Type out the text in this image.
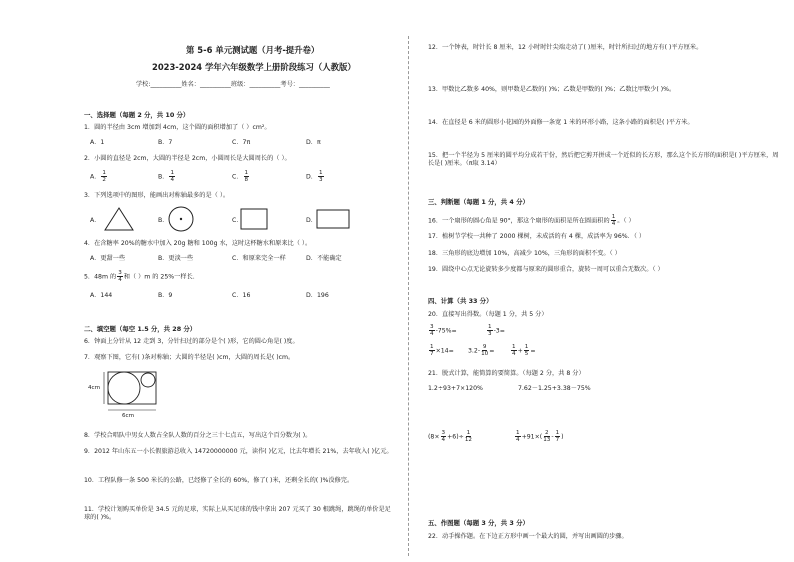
第 5-6 单元测试题（月考-提升卷）
2023-2024 学年六年级数学上册阶段练习（人教版）
学校:__________姓名：__________班级：__________考号：__________
一、选择题（每题 2 分，共 10 分）
1．圆的半径由 3cm 增加到 4cm，这个圆的面积增加了（ ）cm²。
A．1	B．7	C．7π	D．π
2．小圆的直径是 2cm，大圆的半径是 2cm，小圆周长是大圆周长的（ ）。
A． $\frac{1}{2}$	B． $\frac{1}{4}$	C． $\frac{1}{8}$	D． $\frac{1}{3}$
3．下列选项中的图形，能画出对称轴最多的是（ ）。
A．	B．	C．	D．
4．在含糖率 20%的糖水中加入 20g 糖和 100g 水，这时这杯糖水和原来比（ ）。
A．更甜一些	B．更淡一些	C．和原来完全一样	D．不能确定
5．48m 的 $\frac{3}{4}$ 和（ ）m 的 25%一样长．
A．144	B．9	C．16	D．196
二、填空题（每空 1.5 分，共 28 分）
6．钟面上分针从 12 走到 3，分针扫过的部分是个( )形，它的圆心角是( )度。
7．观察下图，它有( )条对称轴；大圆的半径是( )cm，大圆的周长是( )cm。
4cm
6cm
8．学校合唱队中男女人数占全队人数的百分之三十七点五，写出这个百分数为( )。
9．2012 年山东五一小长假旅游总收入 14720000000 元，读作( )亿元，比去年增长 21%，去年收入( )亿元。
10．工程队修一条 500 米长的公路，已经修了全长的 60%，修了( )米，还剩全长的( )%没修完。
11．学校计划购买单价是 34.5 元的足球，实际上从买足球的钱中拿出 207 元买了 30 根跳绳，跳绳的单价是足球的( )%。
12．一个钟表，时针长 8 厘米，12 小时时针尖端走动了( )厘米，时针所扫过的地方有( )平方厘米。
13．甲数比乙数多 40%，则甲数是乙数的( )%；乙数是甲数的( )%；乙数比甲数少( )%。
14．在直径是 6 米的圆形小花园的外面修一条宽 1 米的环形小路，这条小路的面积是( )平方米。
15．把一个半径为 5 厘米的圆平均分成若干份，然后把它剪开拼成一个近似的长方形，那么这个长方形的面积是( )平方厘米，周长是( )厘米。（π取 3.14）
三、判断题（每题 1 分，共 4 分）
16．一个扇形的圆心角是 90°，那这个扇形的面积是所在圆面积的 $\frac{1}{4}$ 。（ ）
17．植树节学校一共种了 2000 棵树，未成活的有 4 棵，成活率为 96%．（ ）
18．三角形的底边增加 10%，高减少 10%，三角形的面积不变。（ ）
19．圆绕中心点无论旋转多少度都与原来的圆形重合，旋转一周可以重合无数次。（ ）
四、计算（共 33 分）
20．直接写出得数。（每题 1 分，共 5 分）
$\frac{3}{4} -75\%=$	$\frac{1}{3} -3=$
$\frac{1}{7} \times 14= 3.2- \frac{9}{10}$ =	$\frac{1}{4} + \frac{1}{5}$ =
21．脱式计算，能简算的要简算。（每题 2 分，共 8 分）
1.2÷93+7×120%	7.62－1.25+3.38－75%
$(8\times \frac{3}{4} +6)\div \frac{1}{12}$	$\frac{1}{4} +91\times( \frac{2}{13} - \frac{1}{7}$ )
五、作图题（每题 3 分，共 3 分）
22．动手操作题。在下边正方形中画一个最大的圆，并写出画圆的步骤。
